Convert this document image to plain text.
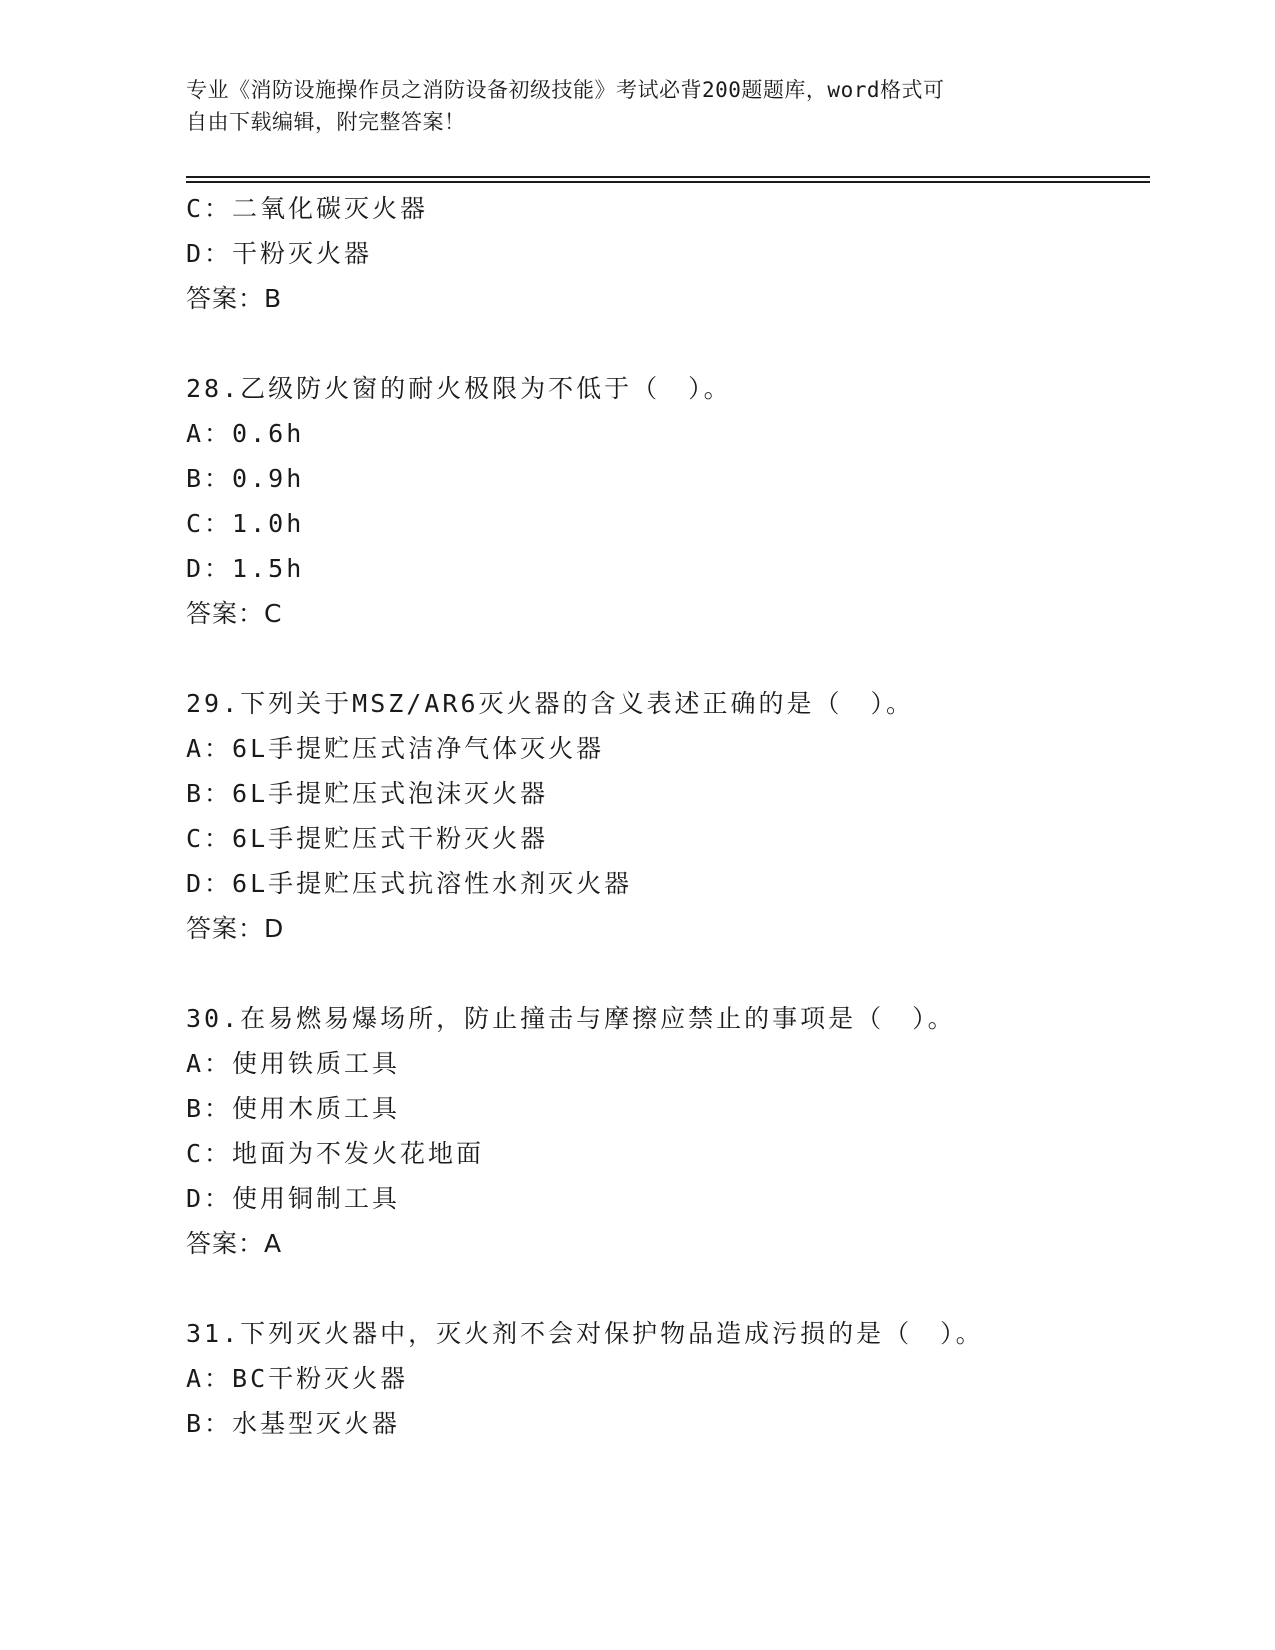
专业《消防设施操作员之消防设备初级技能》考试必背200题题库，word格式可
自由下载编辑，附完整答案！
C：二氧化碳灭火器
D：干粉灭火器
答案：B
28.乙级防火窗的耐火极限为不低于（　）。
A：0.6h
B：0.9h
C：1.0h
D：1.5h
答案：C
29.下列关于MSZ/AR6灭火器的含义表述正确的是（　）。
A：6L手提贮压式洁净气体灭火器
B：6L手提贮压式泡沫灭火器
C：6L手提贮压式干粉灭火器
D：6L手提贮压式抗溶性水剂灭火器
答案：D
30.在易燃易爆场所，防止撞击与摩擦应禁止的事项是（　）。
A：使用铁质工具
B：使用木质工具
C：地面为不发火花地面
D：使用铜制工具
答案：A
31.下列灭火器中，灭火剂不会对保护物品造成污损的是（　）。
A：BC干粉灭火器
B：水基型灭火器
